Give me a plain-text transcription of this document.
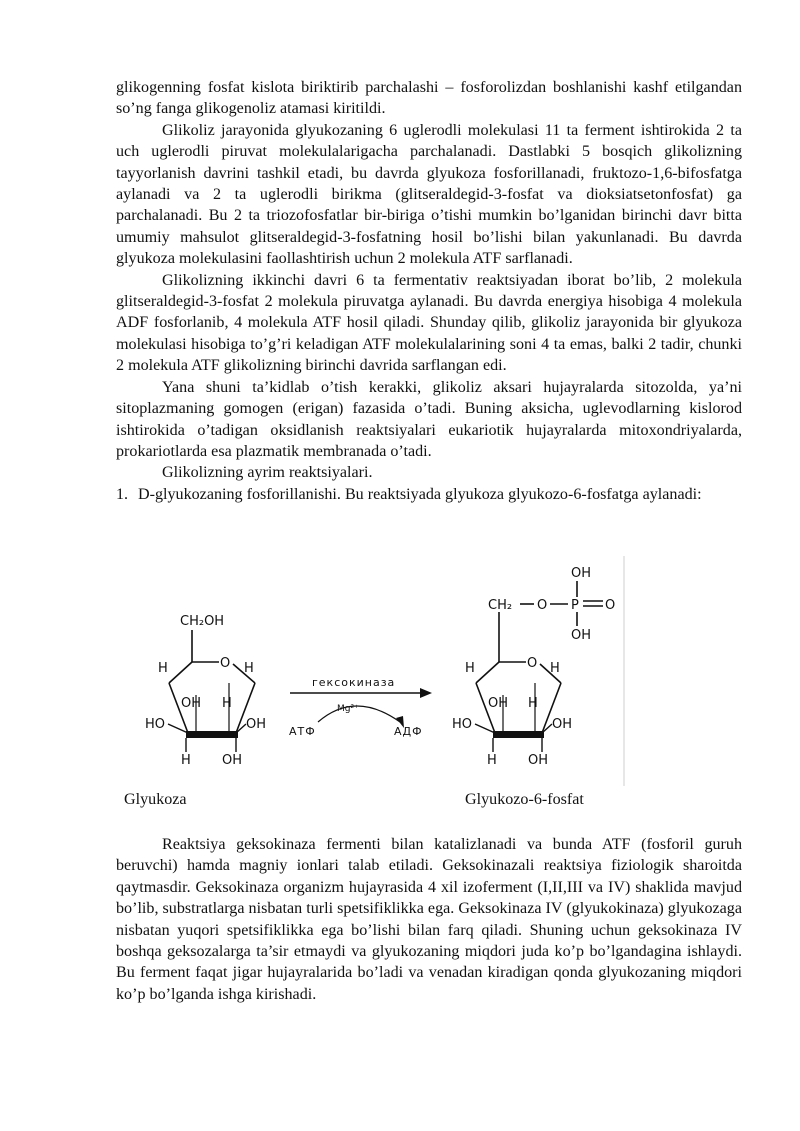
glikogenning fosfat kislota biriktirib parchalashi – fosforolizdan boshlanishi kashf etilgandan so’ng fanga glikogenoliz atamasi kiritildi.

Glikoliz jarayonida glyukozaning 6 uglerodli molekulasi 11 ta ferment ishtirokida 2 ta uch uglerodli piruvat molekulalarigacha parchalanadi. Dastlabki 5 bosqich glikolizning tayyorlanish davrini tashkil etadi, bu davrda glyukoza fosforillanadi, fruktozo-1,6-bifosfatga aylanadi va 2 ta uglerodli birikma (glitseraldegid-3-fosfat va dioksiatsetonfosfat) ga parchalanadi. Bu 2 ta triozofosfatlar bir-biriga o’tishi mumkin bo’lganidan birinchi davr bitta umumiy mahsulot glitseraldegid-3-fosfatning hosil bo’lishi bilan yakunlanadi. Bu davrda glyukoza molekulasini faollashtirish uchun 2 molekula ATF sarflanadi.

Glikolizning ikkinchi davri 6 ta fermentativ reaktsiyadan iborat bo’lib, 2 molekula glitseraldegid-3-fosfat 2 molekula piruvatga aylanadi. Bu davrda energiya hisobiga 4 molekula ADF fosforlanib, 4 molekula ATF hosil qiladi. Shunday qilib, glikoliz jarayonida bir glyukoza molekulasi hisobiga to’g’ri keladigan ATF molekulalarining soni 4 ta emas, balki 2 tadir, chunki 2 molekula ATF glikolizning birinchi davrida sarflangan edi.

Yana shuni ta’kidlab o’tish kerakki, glikoliz aksari hujayralarda sitozolda, ya’ni sitoplazmaning gomogen (erigan) fazasida o’tadi. Buning aksicha, uglevodlarning kislorod ishtirokida o’tadigan oksidlanish reaktsiyalari eukariotik hujayralarda mitoxondriyalarda, prokariotlarda esa plazmatik membranada o’tadi.

Glikolizning ayrim reaktsiyalari.

1. D-glyukozaning fosforillanishi. Bu reaktsiyada glyukoza glyukozo-6-fosfatga aylanadi:

CH₂OH
O
H	H
OH H
HO	OH
H OH
гексокиназа
Mg²⁺
АТФ	АДФ
OH
CH₂ O P O
OH
O
H	H
OH H
HO	OH
H OH
Glyukoza	Glyukozo-6-fosfat

Reaktsiya geksokinaza fermenti bilan katalizlanadi va bunda ATF (fosforil guruh beruvchi) hamda magniy ionlari talab etiladi. Geksokinazali reaktsiya fiziologik sharoitda qaytmasdir. Geksokinaza organizm hujayrasida 4 xil izoferment (I,II,III va IV) shaklida mavjud bo’lib, substratlarga nisbatan turli spetsifiklikka ega. Geksokinaza IV (glyukokinaza) glyukozaga nisbatan yuqori spetsifiklikka ega bo’lishi bilan farq qiladi. Shuning uchun geksokinaza IV boshqa geksozalarga ta’sir etmaydi va glyukozaning miqdori juda ko’p bo’lgandagina ishlaydi. Bu ferment faqat jigar hujayralarida bo’ladi va venadan kiradigan qonda glyukozaning miqdori ko’p bo’lganda ishga kirishadi.
